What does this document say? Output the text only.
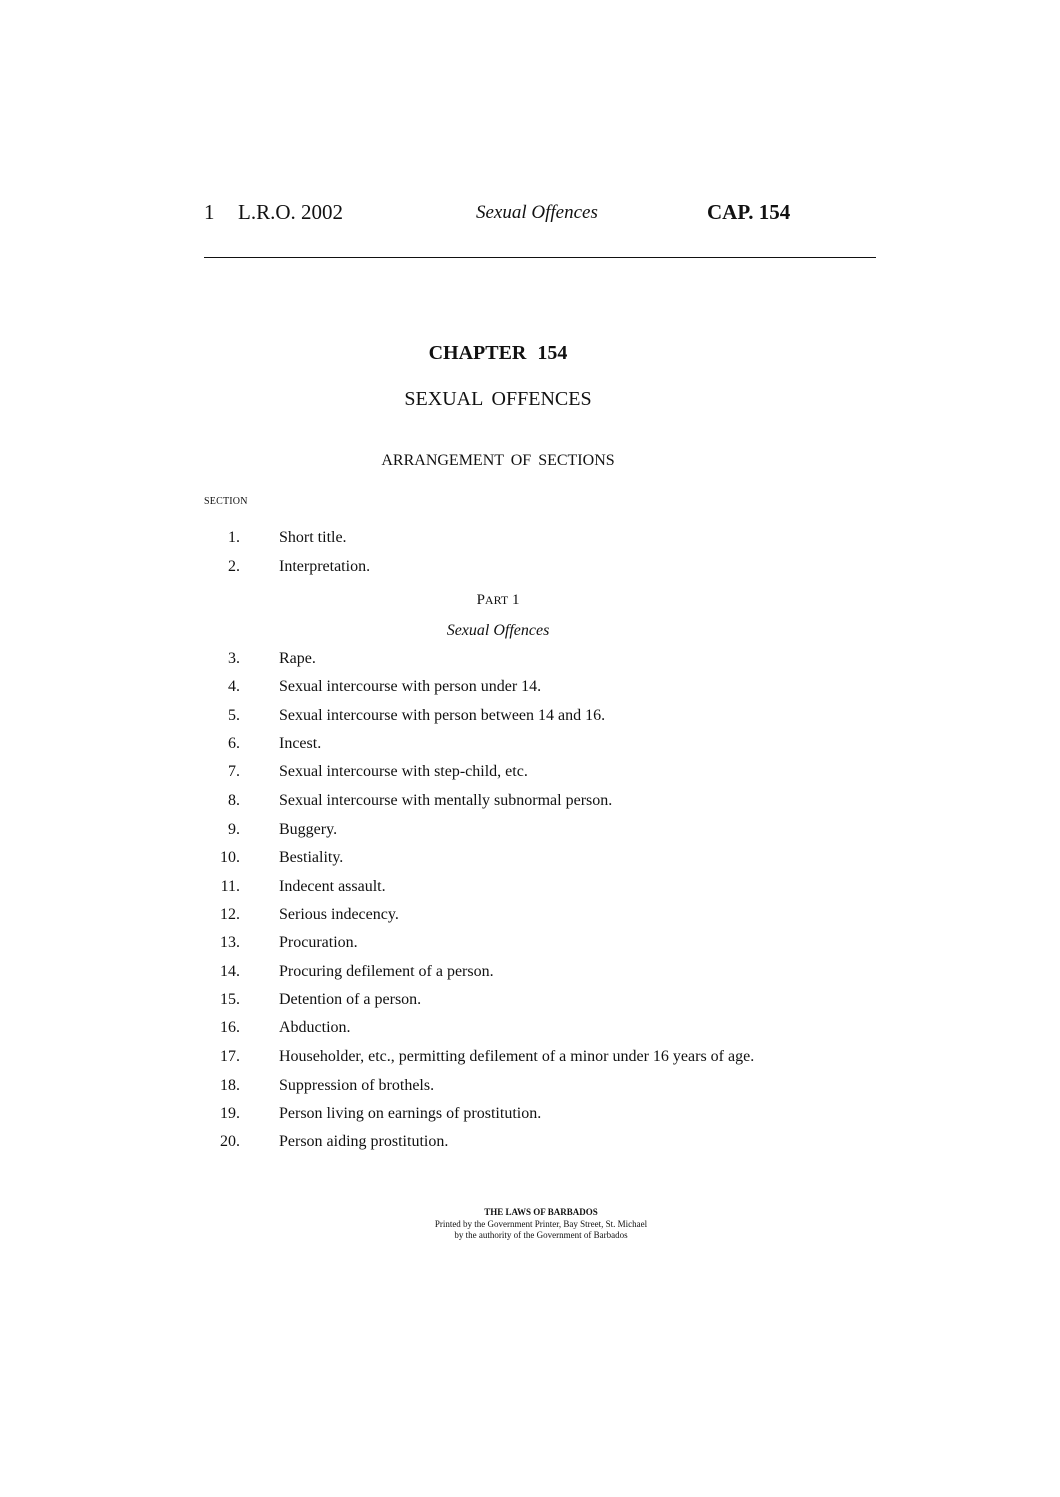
1 L.R.O. 2002	Sexual Offences	CAP. 154
CHAPTER 154
SEXUAL OFFENCES
ARRANGEMENT OF SECTIONS
SECTION
1. Short title.
2. Interpretation.
PART 1
Sexual Offences
3. Rape.
4. Sexual intercourse with person under 14.
5. Sexual intercourse with person between 14 and 16.
6. Incest.
7. Sexual intercourse with step-child, etc.
8. Sexual intercourse with mentally subnormal person.
9. Buggery.
10. Bestiality.
11. Indecent assault.
12. Serious indecency.
13. Procuration.
14. Procuring defilement of a person.
15. Detention of a person.
16. Abduction.
17. Householder, etc., permitting defilement of a minor under 16 years of age.
18. Suppression of brothels.
19. Person living on earnings of prostitution.
20. Person aiding prostitution.
THE LAWS OF BARBADOS
Printed by the Government Printer, Bay Street, St. Michael
by the authority of the Government of Barbados
